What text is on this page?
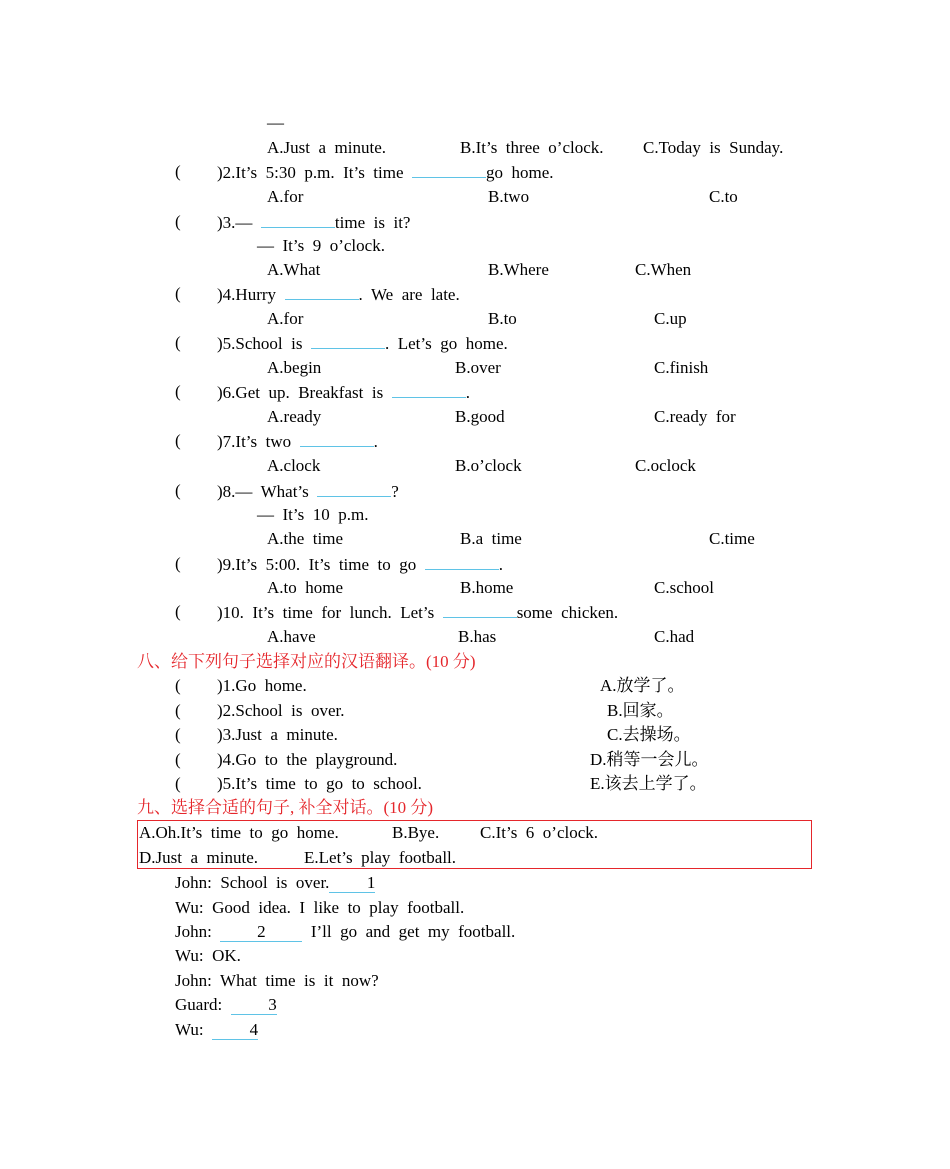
—
A.Just  a  minute.	B.It’s  three  o’clock. C.Today  is  Sunday.
( )2.It’s  5:30  p.m.  It’s  time	go  home.
A.for	B.two	C.to
( )3.—	time  is  it?
—  It’s  9  o’clock.
A.What	B.Where	C.When
( )4.Hurry	.  We  are  late.
A.for	B.to	C.up
( )5.School  is	.  Let’s  go  home.
A.begin	B.over	C.finish
( )6.Get  up.  Breakfast  is	.
A.ready	B.good	C.ready  for
( )7.It’s  two	.
A.clock	B.o’clock	C.oclock
( )8.—  What’s	?
—  It’s  10  p.m.
A.the  time	B.a  time	C.time
( )9.It’s  5:00.  It’s  time  to  go	.
A.to  home	B.home	C.school
( )10.  It’s  time  for  lunch.  Let’s	some  chicken.
A.have	B.has	C.had
八、给下列句子选择对应的汉语翻译。(10 分)
( )1.Go  home.	A.放学了。
( )2.School  is  over.	B.回家。
( )3.Just  a  minute.	C.去操场。
( )4.Go  to  the  playground.	D.稍等一会儿。
( )5.It’s  time  to  go  to  school.	E.该去上学了。
九、选择合适的句子, 补全对话。(10 分)
A.Oh.It’s  time  to  go  home.	B.Bye. C.It’s  6  o’clock.
D.Just  a  minute.	E.Let’s  play  football.
John:  School  is  over. 1
Wu:  Good  idea.  I  like  to  play  football.
John:  2  I’ll  go  and  get  my  football.
Wu:  OK.
John:  What  time  is  it  now?
Guard:  3
Wu:  4
